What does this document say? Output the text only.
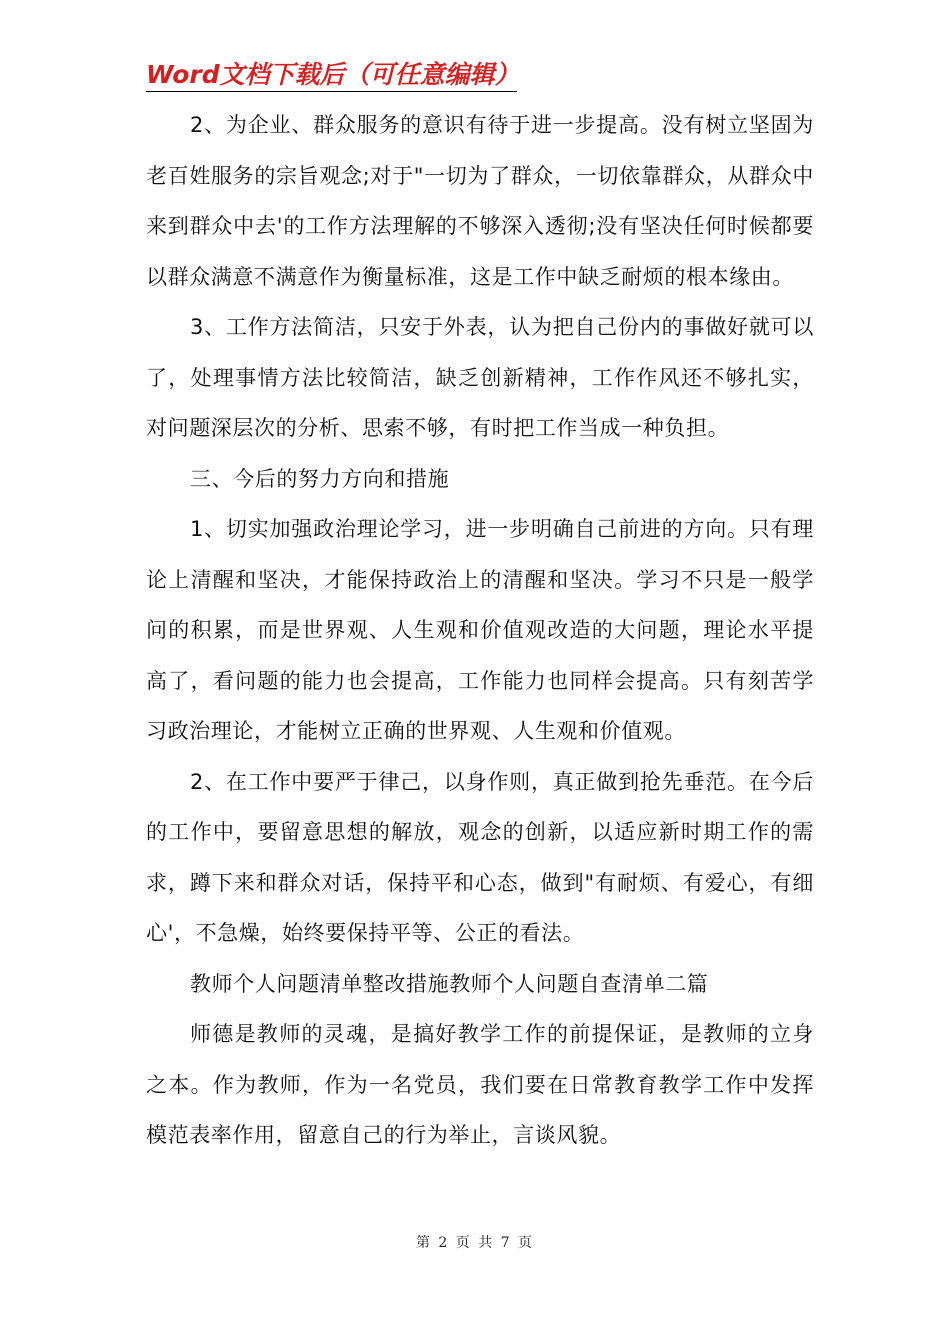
Word文档下载后（可任意编辑）

2、为企业、群众服务的意识有待于进一步提高。没有树立坚固为老百姓服务的宗旨观念;对于"一切为了群众，一切依靠群众，从群众中来到群众中去'的工作方法理解的不够深入透彻;没有坚决任何时候都要以群众满意不满意作为衡量标准，这是工作中缺乏耐烦的根本缘由。

3、工作方法简洁，只安于外表，认为把自己份内的事做好就可以了，处理事情方法比较简洁，缺乏创新精神，工作作风还不够扎实，对问题深层次的分析、思索不够，有时把工作当成一种负担。

三、今后的努力方向和措施

1、切实加强政治理论学习，进一步明确自己前进的方向。只有理论上清醒和坚决，才能保持政治上的清醒和坚决。学习不只是一般学问的积累，而是世界观、人生观和价值观改造的大问题，理论水平提高了，看问题的能力也会提高，工作能力也同样会提高。只有刻苦学习政治理论，才能树立正确的世界观、人生观和价值观。

2、在工作中要严于律己，以身作则，真正做到抢先垂范。在今后的工作中，要留意思想的解放，观念的创新，以适应新时期工作的需求，蹲下来和群众对话，保持平和心态，做到"有耐烦、有爱心，有细心'，不急燥，始终要保持平等、公正的看法。

教师个人问题清单整改措施教师个人问题自查清单二篇

师德是教师的灵魂，是搞好教学工作的前提保证，是教师的立身之本。作为教师，作为一名党员，我们要在日常教育教学工作中发挥模范表率作用，留意自己的行为举止，言谈风貌。

第 2 页 共 7 页
